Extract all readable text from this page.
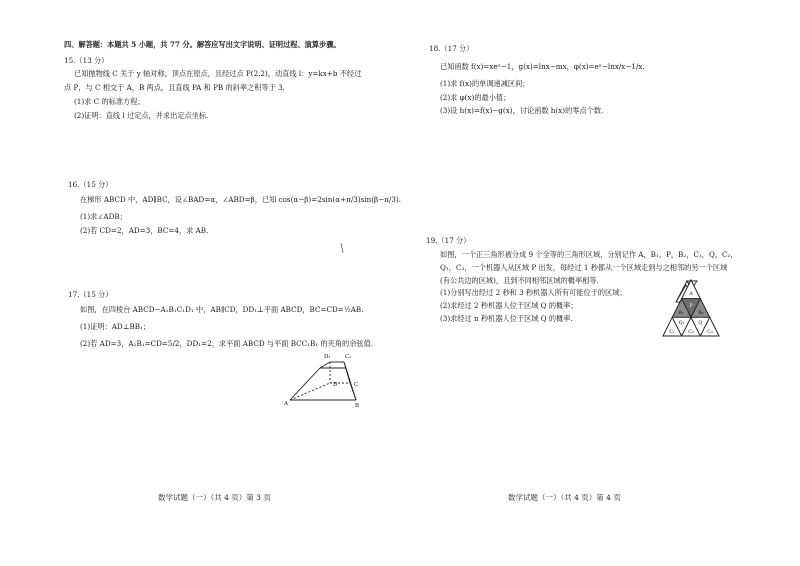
四、解答题：本题共 5 小题，共 77 分。解答应写出文字说明、证明过程、演算步骤。
15.（13 分）
已知抛物线 C 关于 y 轴对称，顶点在原点，且经过点 P(2,2)，动直线 l：y=kx+b 不经过
点 P，与 C 相交于 A，B 两点，且直线 PA 和 PB 的斜率之积等于 3.
(1)求 C 的标准方程；
(2)证明：直线 l 过定点，并求出定点坐标.
16.（15 分）
在梯形 ABCD 中，AD∥BC，设∠BAD=α，∠ABD=β，已知 cos(α−β)=2sin(α+π/3)sin(β−π/3).
(1)求∠ADB；
(2)若 CD=2，AD=3，BC=4，求 AB.
17.（15 分）
如图，在四棱台 ABCD−A₁B₁C₁D₁ 中，AB∥CD，DD₁⊥平面 ABCD，BC=CD=½AB.
(1)证明：AD⊥BB₁；
(2)若 AD=3，A₁B₁=CD=5/2，DD₁=2，求平面 ABCD 与平面 BCC₁B₁ 的夹角的余弦值.
D₁	C₁
D	C
A	B
数学试题（一）（共 4 页）第 3 页
18.（17 分）
已知函数 f(x)=xeˣ−1，g(x)=lnx−mx，φ(x)=eˣ−lnx/x−1/x.
(1)求 f(x)的单调递减区间；
(2)求 φ(x)的最小值；
(3)设 h(x)=f(x)−g(x)，讨论函数 h(x)的零点个数.
19.（17 分）
如图，一个正三角形被分成 9 个全等的三角形区域，分别记作 A，B₁，P，B₂，C₁，Q，C₂，
Q₁，C₃，一个机器人从区域 P 出发，每经过 1 秒都从一个区域走到与之相邻的另一个区域
(有公共边的区域)，且到不同相邻区域的概率相等.
(1)分别写出经过 2 秒和 3 秒机器人所有可能位于的区域；
(2)求经过 2 秒机器人位于区域 Q 的概率；
(3)求经过 n 秒机器人位于区域 Q 的概率.
A
P
B₁	B₂
Q
Q₁
C₁	C₂	C₃
数学试题（一）（共 4 页）第 4 页
